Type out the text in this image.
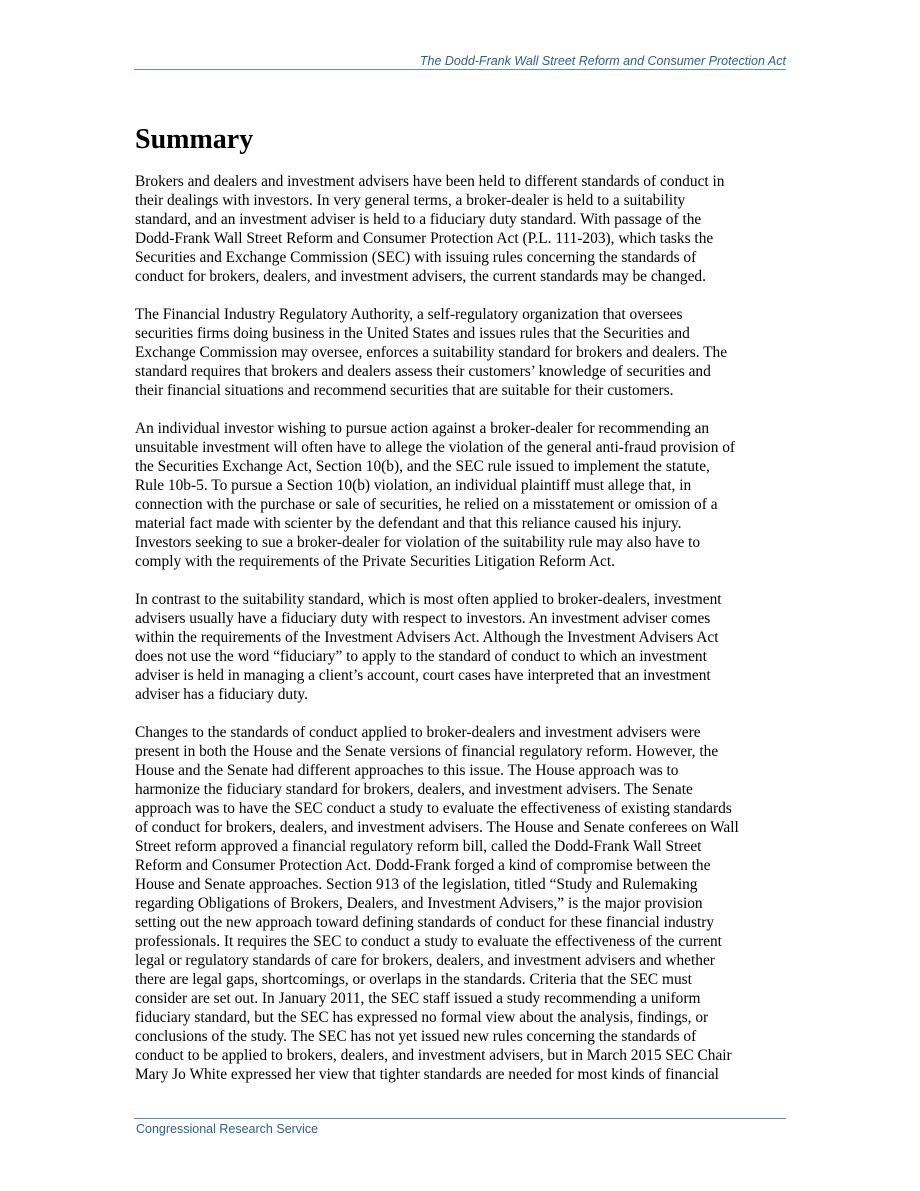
The Dodd-Frank Wall Street Reform and Consumer Protection Act
Summary

Brokers and dealers and investment advisers have been held to different standards of conduct in
their dealings with investors. In very general terms, a broker-dealer is held to a suitability
standard, and an investment adviser is held to a fiduciary duty standard. With passage of the
Dodd-Frank Wall Street Reform and Consumer Protection Act (P.L. 111-203), which tasks the
Securities and Exchange Commission (SEC) with issuing rules concerning the standards of
conduct for brokers, dealers, and investment advisers, the current standards may be changed.

The Financial Industry Regulatory Authority, a self-regulatory organization that oversees
securities firms doing business in the United States and issues rules that the Securities and
Exchange Commission may oversee, enforces a suitability standard for brokers and dealers. The
standard requires that brokers and dealers assess their customers’ knowledge of securities and
their financial situations and recommend securities that are suitable for their customers.

An individual investor wishing to pursue action against a broker-dealer for recommending an
unsuitable investment will often have to allege the violation of the general anti-fraud provision of
the Securities Exchange Act, Section 10(b), and the SEC rule issued to implement the statute,
Rule 10b-5. To pursue a Section 10(b) violation, an individual plaintiff must allege that, in
connection with the purchase or sale of securities, he relied on a misstatement or omission of a
material fact made with scienter by the defendant and that this reliance caused his injury.
Investors seeking to sue a broker-dealer for violation of the suitability rule may also have to
comply with the requirements of the Private Securities Litigation Reform Act.

In contrast to the suitability standard, which is most often applied to broker-dealers, investment
advisers usually have a fiduciary duty with respect to investors. An investment adviser comes
within the requirements of the Investment Advisers Act. Although the Investment Advisers Act
does not use the word “fiduciary” to apply to the standard of conduct to which an investment
adviser is held in managing a client’s account, court cases have interpreted that an investment
adviser has a fiduciary duty.

Changes to the standards of conduct applied to broker-dealers and investment advisers were
present in both the House and the Senate versions of financial regulatory reform. However, the
House and the Senate had different approaches to this issue. The House approach was to
harmonize the fiduciary standard for brokers, dealers, and investment advisers. The Senate
approach was to have the SEC conduct a study to evaluate the effectiveness of existing standards
of conduct for brokers, dealers, and investment advisers. The House and Senate conferees on Wall
Street reform approved a financial regulatory reform bill, called the Dodd-Frank Wall Street
Reform and Consumer Protection Act. Dodd-Frank forged a kind of compromise between the
House and Senate approaches. Section 913 of the legislation, titled “Study and Rulemaking
regarding Obligations of Brokers, Dealers, and Investment Advisers,” is the major provision
setting out the new approach toward defining standards of conduct for these financial industry
professionals. It requires the SEC to conduct a study to evaluate the effectiveness of the current
legal or regulatory standards of care for brokers, dealers, and investment advisers and whether
there are legal gaps, shortcomings, or overlaps in the standards. Criteria that the SEC must
consider are set out. In January 2011, the SEC staff issued a study recommending a uniform
fiduciary standard, but the SEC has expressed no formal view about the analysis, findings, or
conclusions of the study. The SEC has not yet issued new rules concerning the standards of
conduct to be applied to brokers, dealers, and investment advisers, but in March 2015 SEC Chair
Mary Jo White expressed her view that tighter standards are needed for most kinds of financial

Congressional Research Service
